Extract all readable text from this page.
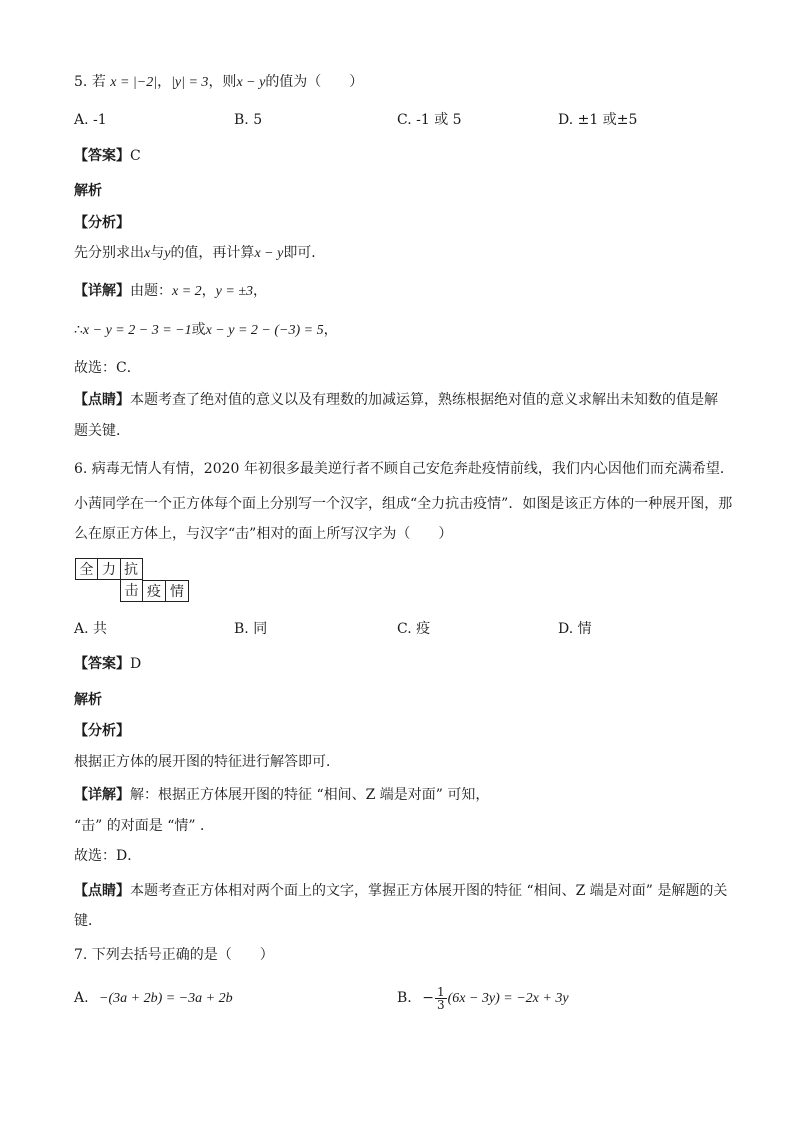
5. 若 x = |−2|，|y| = 3，则x − y的值为（　　）
A. -1	B. 5	C. -1 或 5	D. ±1 或±5
【答案】C
解析
【分析】
先分别求出x与y的值，再计算x − y即可．
【详解】由题：x = 2，y = ±3，
∴x − y = 2 − 3 = −1或x − y = 2 − (−3) = 5，
故选：C．
【点睛】本题考查了绝对值的意义以及有理数的加减运算，熟练根据绝对值的意义求解出未知数的值是解
题关键．
6. 病毒无情人有情，2020 年初很多最美逆行者不顾自己安危奔赴疫情前线，我们内心因他们而充满希望．
小茜同学在一个正方体每个面上分别写一个汉字，组成“全力抗击疫情”．如图是该正方体的一种展开图，那
么在原正方体上，与汉字“击”相对的面上所写汉字为（　　）
全 力 抗
击 疫 情
A. 共	B. 同	C. 疫	D. 情
【答案】D
解析
【分析】
根据正方体的展开图的特征进行解答即可．
【详解】解：根据正方体展开图的特征 “相间、Z 端是对面” 可知，
“击” 的对面是 “情” ．
故选：D．
【点睛】本题考查正方体相对两个面上的文字，掌握正方体展开图的特征 “相间、Z 端是对面” 是解题的关
键．
7. 下列去括号正确的是（　　）
A. −(3a + 2b) = −3a + 2b	B. − $\frac{1}{3} (6x - 3y) = -2x + 3y$
